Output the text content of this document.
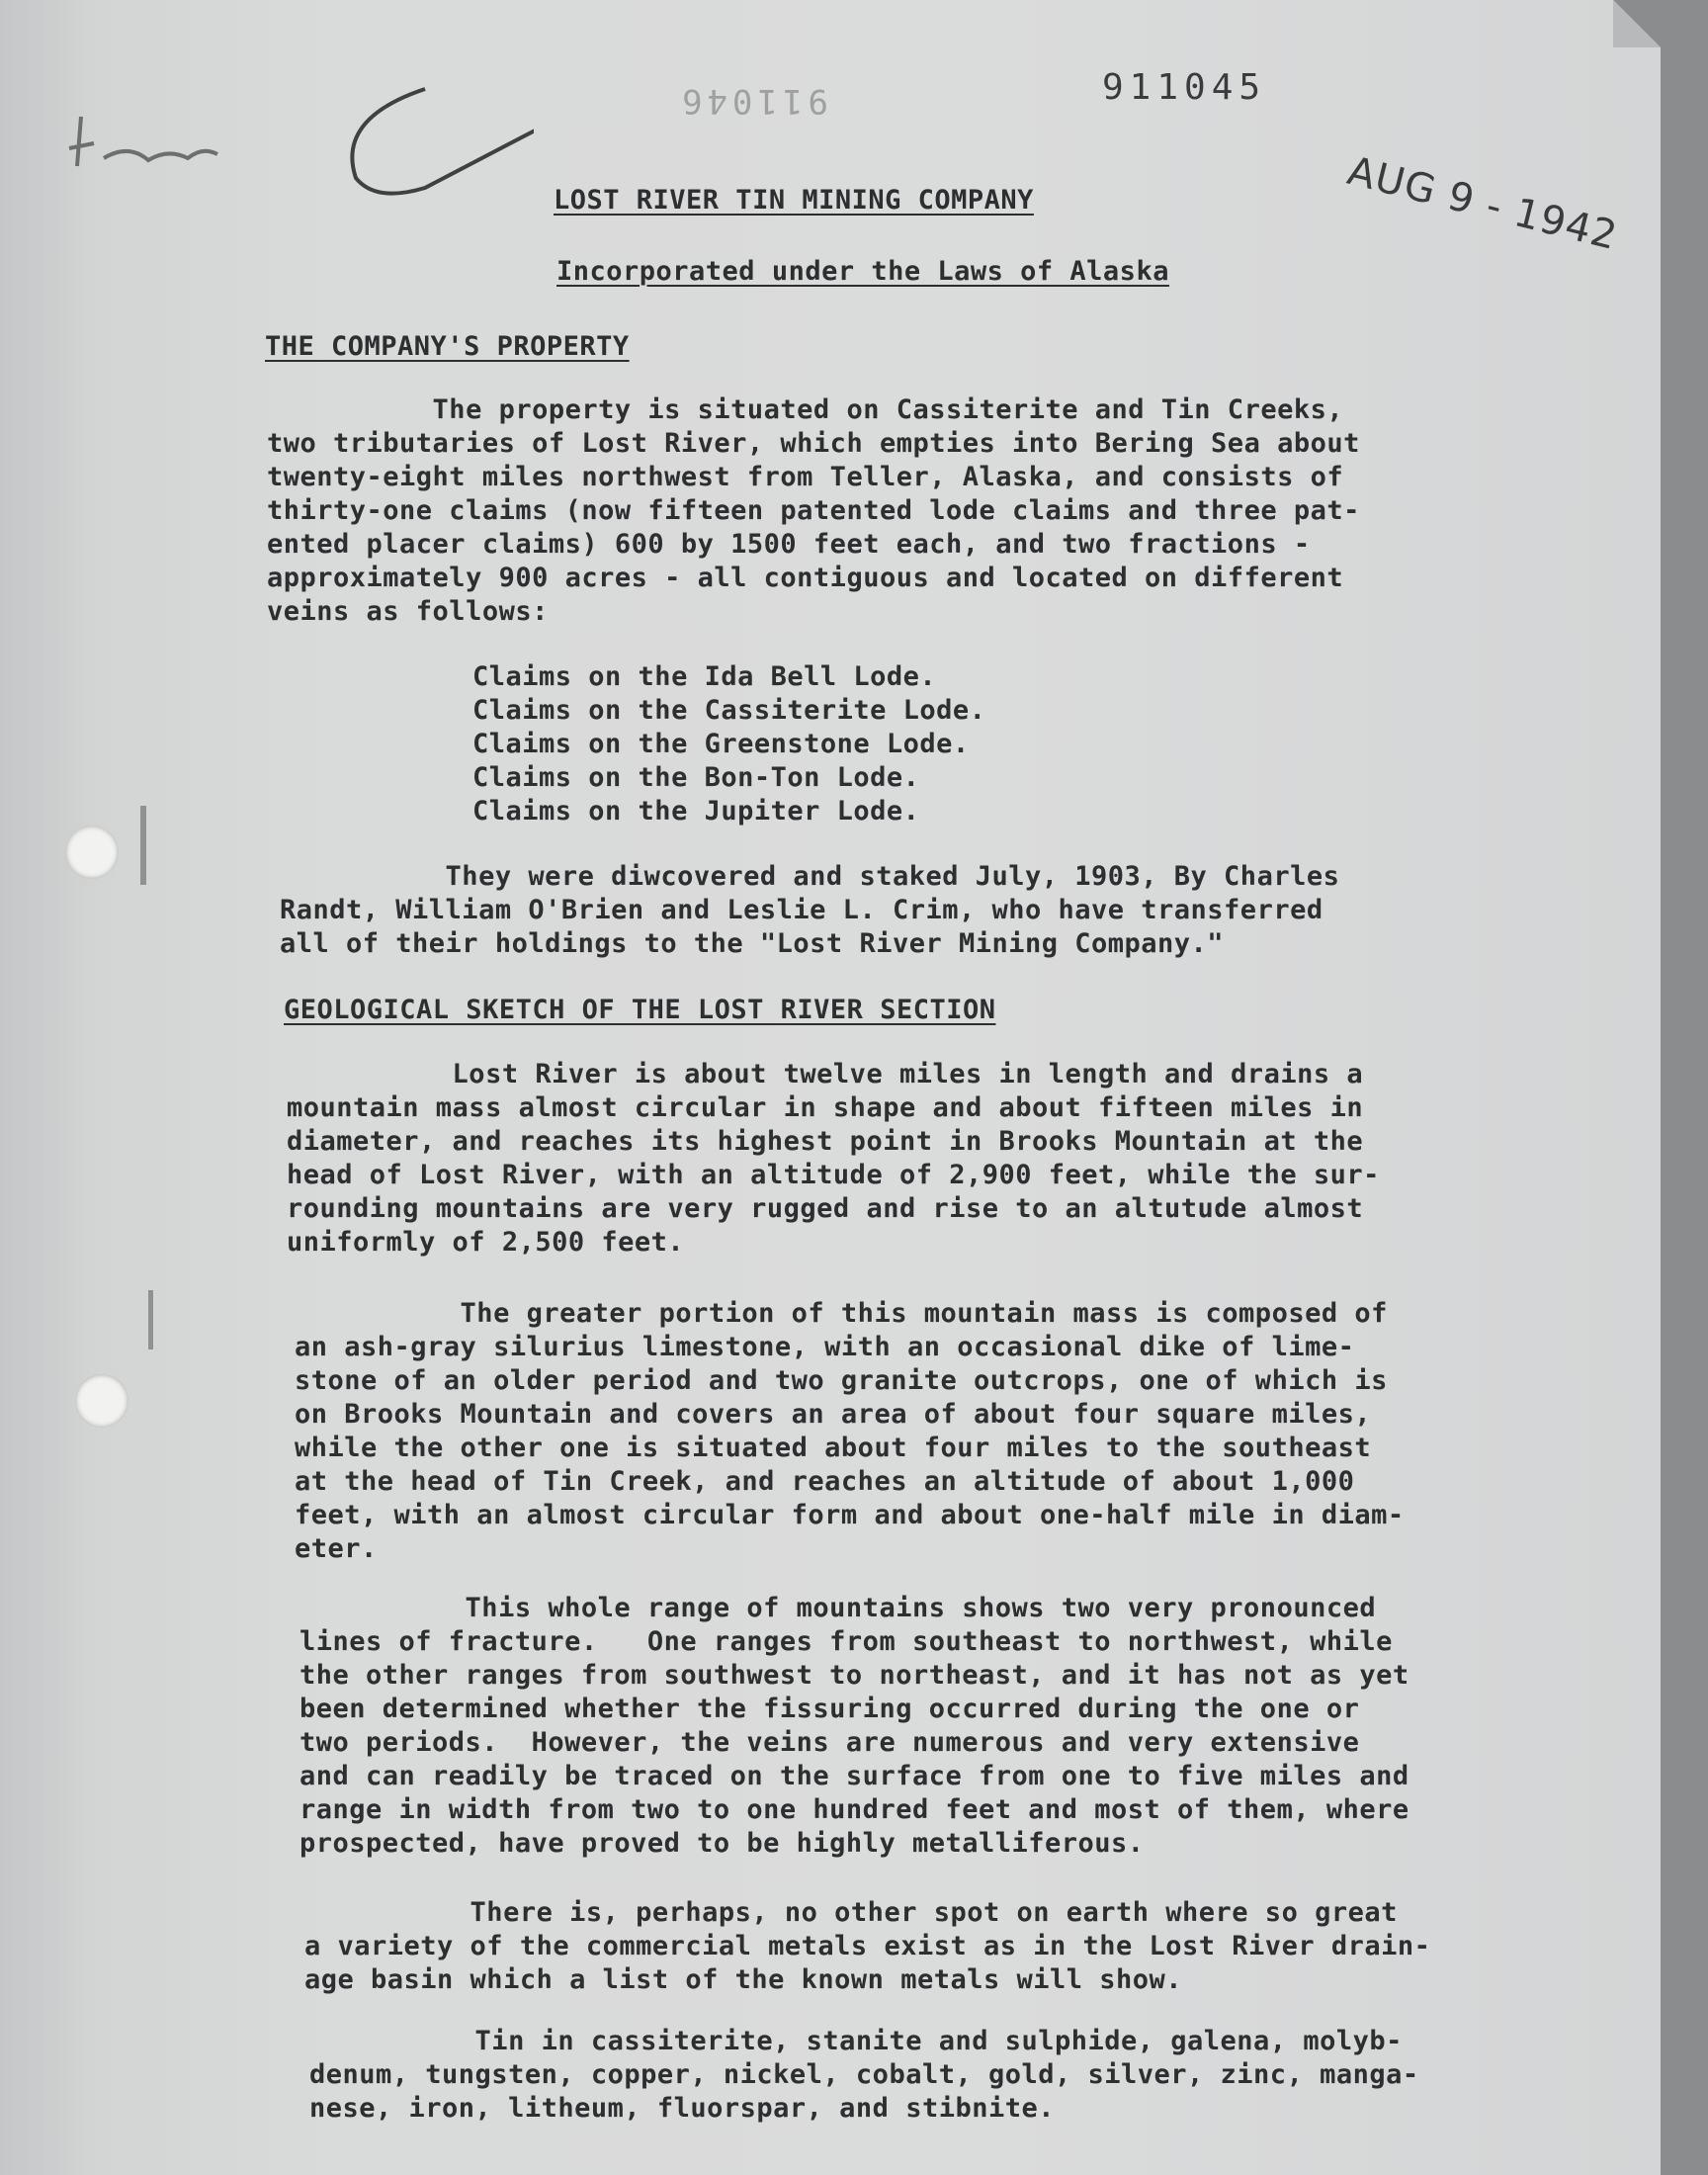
911046	911045
AUG 9 - 1942
LOST RIVER TIN MINING COMPANY
Incorporated under the Laws of Alaska
THE COMPANY'S PROPERTY
The property is situated on Cassiterite and Tin Creeks,
two tributaries of Lost River, which empties into Bering Sea about
twenty-eight miles northwest from Teller, Alaska, and consists of
thirty-one claims (now fifteen patented lode claims and three pat-
ented placer claims) 600 by 1500 feet each, and two fractions -
approximately 900 acres - all contiguous and located on different
veins as follows:
Claims on the Ida Bell Lode.
Claims on the Cassiterite Lode.
Claims on the Greenstone Lode.
Claims on the Bon-Ton Lode.
Claims on the Jupiter Lode.
They were diwcovered and staked July, 1903, By Charles
Randt, William O'Brien and Leslie L. Crim, who have transferred
all of their holdings to the "Lost River Mining Company."
GEOLOGICAL SKETCH OF THE LOST RIVER SECTION
Lost River is about twelve miles in length and drains a
mountain mass almost circular in shape and about fifteen miles in
diameter, and reaches its highest point in Brooks Mountain at the
head of Lost River, with an altitude of 2,900 feet, while the sur-
rounding mountains are very rugged and rise to an altutude almost
uniformly of 2,500 feet.
The greater portion of this mountain mass is composed of
an ash-gray silurius limestone, with an occasional dike of lime-
stone of an older period and two granite outcrops, one of which is
on Brooks Mountain and covers an area of about four square miles,
while the other one is situated about four miles to the southeast
at the head of Tin Creek, and reaches an altitude of about 1,000
feet, with an almost circular form and about one-half mile in diam-
eter.
This whole range of mountains shows two very pronounced
lines of fracture.   One ranges from southeast to northwest, while
the other ranges from southwest to northeast, and it has not as yet
been determined whether the fissuring occurred during the one or
two periods.  However, the veins are numerous and very extensive
and can readily be traced on the surface from one to five miles and
range in width from two to one hundred feet and most of them, where
prospected, have proved to be highly metalliferous.
There is, perhaps, no other spot on earth where so great
a variety of the commercial metals exist as in the Lost River drain-
age basin which a list of the known metals will show.
Tin in cassiterite, stanite and sulphide, galena, molyb-
denum, tungsten, copper, nickel, cobalt, gold, silver, zinc, manga-
nese, iron, litheum, fluorspar, and stibnite.
